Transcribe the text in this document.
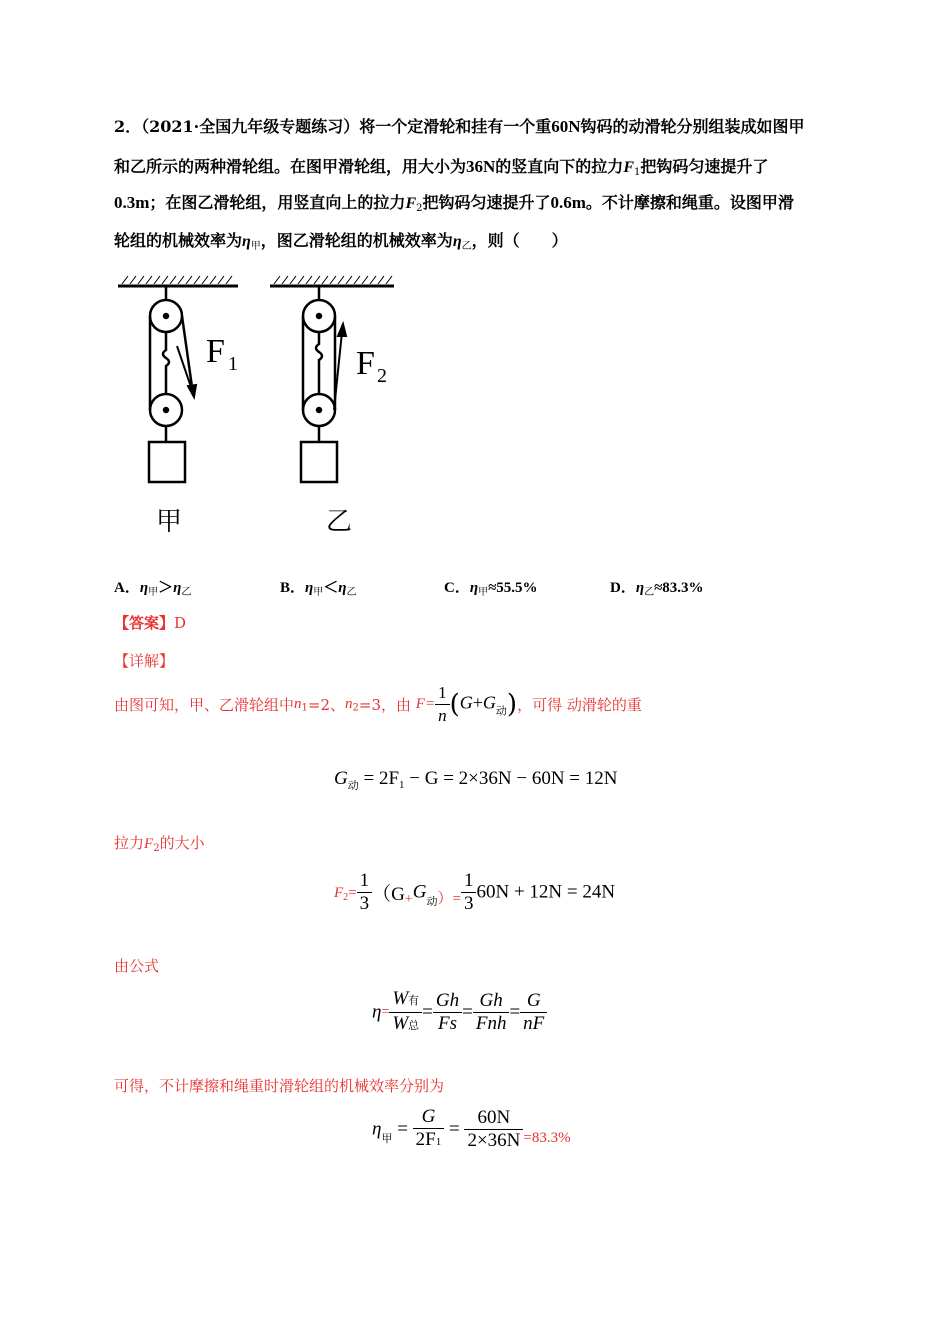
2．（2021·全国九年级专题练习）将一个定滑轮和挂有一个重60N钩码的动滑轮分别组装成如图甲
和乙所示的两种滑轮组。在图甲滑轮组，用大小为36N的竖直向下的拉力$F_1$把钩码匀速提升了
0.3m；在图乙滑轮组，用竖直向上的拉力$F_2$把钩码匀速提升了0.6m。不计摩擦和绳重。设图甲滑
轮组的机械效率为$\eta_甲$，图乙滑轮组的机械效率为$\eta_乙$，则（　　）
F 1
甲
F 2
乙
A．$\eta_甲>\eta_乙$	B．$\eta_甲<\eta_乙$	C．$\eta_甲\approx 55.5\%$	D．$\eta_乙\approx 83.3\%$
【答案】D
【详解】
由图可知，甲、乙滑轮组中$n_1=2$、$n_2=3$，由 $F= \frac{1}{n} (G+G_动)$，可得 动滑轮的重
$G_动 = 2F_1 - G = 2\times 36N - 60N = 12N$
拉力$F_2$的大小
$F2= \frac{1}{3} (G_+G_{动)=} \frac{1}{3} 60N + 12N = 24N$
由公式
$\eta= \frac{\text{W有}}{\text{W总}} = \frac{Gh}{Fs} = \frac{Gh}{\text{Fnh}} = \frac{G}{nF}$
可得，不计摩擦和绳重时滑轮组的机械效率分别为
$\eta_甲 = \frac{G}{2F1} = \frac{60N}{2\times 36N} _{=83.3\%}$
